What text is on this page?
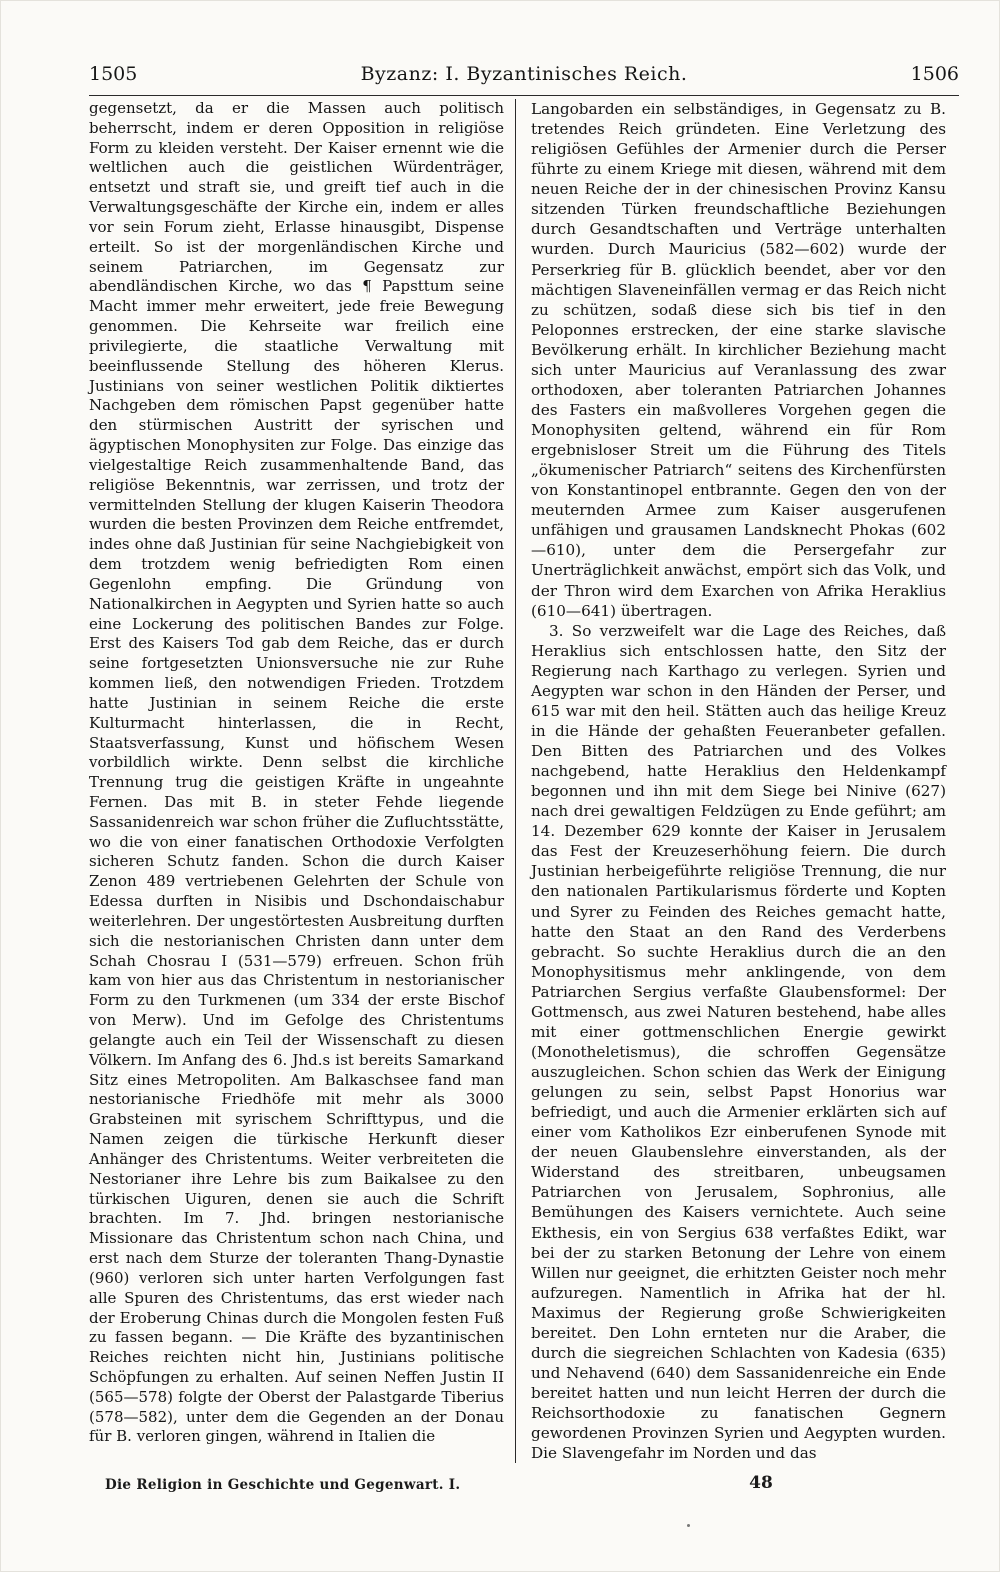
1505	Byzanz: I. Byzantinisches Reich.	1506

gegensetzt, da er die Massen auch politisch beherrscht, indem er deren Opposition in religiöse Form zu kleiden versteht. Der Kaiser ernennt wie die weltlichen auch die geistlichen Würdenträger, entsetzt und straft sie, und greift tief auch in die Verwaltungsgeschäfte der Kirche ein, indem er alles vor sein Forum zieht, Erlasse hinausgibt, Dispense erteilt. So ist der morgenländischen Kirche und seinem Patriarchen, im Gegensatz zur abendländischen Kirche, wo das ¶ Papsttum seine Macht immer mehr erweitert, jede freie Bewegung genommen. Die Kehrseite war freilich eine privilegierte, die staatliche Verwaltung mit beeinflussende Stellung des höheren Klerus. Justinians von seiner westlichen Politik diktiertes Nachgeben dem römischen Papst gegenüber hatte den stürmischen Austritt der syrischen und ägyptischen Monophysiten zur Folge. Das einzige das vielgestaltige Reich zusammenhaltende Band, das religiöse Bekenntnis, war zerrissen, und trotz der vermittelnden Stellung der klugen Kaiserin Theodora wurden die besten Provinzen dem Reiche entfremdet, indes ohne daß Justinian für seine Nachgiebigkeit von dem trotzdem wenig befriedigten Rom einen Gegenlohn empfing. Die Gründung von Nationalkirchen in Aegypten und Syrien hatte so auch eine Lockerung des politischen Bandes zur Folge. Erst des Kaisers Tod gab dem Reiche, das er durch seine fortgesetzten Unionsversuche nie zur Ruhe kommen ließ, den notwendigen Frieden. Trotzdem hatte Justinian in seinem Reiche die erste Kulturmacht hinterlassen, die in Recht, Staatsverfassung, Kunst und höfischem Wesen vorbildlich wirkte. Denn selbst die kirchliche Trennung trug die geistigen Kräfte in ungeahnte Fernen. Das mit B. in steter Fehde liegende Sassanidenreich war schon früher die Zufluchtsstätte, wo die von einer fanatischen Orthodoxie Verfolgten sicheren Schutz fanden. Schon die durch Kaiser Zenon 489 vertriebenen Gelehrten der Schule von Edessa durften in Nisibis und Dschondaischabur weiterlehren. Der ungestörtesten Ausbreitung durften sich die nestorianischen Christen dann unter dem Schah Chosrau I (531—579) erfreuen. Schon früh kam von hier aus das Christentum in nestorianischer Form zu den Turkmenen (um 334 der erste Bischof von Merw). Und im Gefolge des Christentums gelangte auch ein Teil der Wissenschaft zu diesen Völkern. Im Anfang des 6. Jhd.s ist bereits Samarkand Sitz eines Metropoliten. Am Balkaschsee fand man nestorianische Friedhöfe mit mehr als 3000 Grabsteinen mit syrischem Schrifttypus, und die Namen zeigen die türkische Herkunft dieser Anhänger des Christentums. Weiter verbreiteten die Nestorianer ihre Lehre bis zum Baikalsee zu den türkischen Uiguren, denen sie auch die Schrift brachten. Im 7. Jhd. bringen nestorianische Missionare das Christentum schon nach China, und erst nach dem Sturze der toleranten Thang-Dynastie (960) verloren sich unter harten Verfolgungen fast alle Spuren des Christentums, das erst wieder nach der Eroberung Chinas durch die Mongolen festen Fuß zu fassen begann. — Die Kräfte des byzantinischen Reiches reichten nicht hin, Justinians politische Schöpfungen zu erhalten. Auf seinen Neffen Justin II (565—578) folgte der Oberst der Palastgarde Tiberius (578—582), unter dem die Gegenden an der Donau für B. verloren gingen, während in Italien die

Langobarden ein selbständiges, in Gegensatz zu B. tretendes Reich gründeten. Eine Verletzung des religiösen Gefühles der Armenier durch die Perser führte zu einem Kriege mit diesen, während mit dem neuen Reiche der in der chinesischen Provinz Kansu sitzenden Türken freundschaftliche Beziehungen durch Gesandtschaften und Verträge unterhalten wurden. Durch Mauricius (582—602) wurde der Perserkrieg für B. glücklich beendet, aber vor den mächtigen Slaveneinfällen vermag er das Reich nicht zu schützen, sodaß diese sich bis tief in den Peloponnes erstrecken, der eine starke slavische Bevölkerung erhält. In kirchlicher Beziehung macht sich unter Mauricius auf Veranlassung des zwar orthodoxen, aber toleranten Patriarchen Johannes des Fasters ein maßvolleres Vorgehen gegen die Monophysiten geltend, während ein für Rom ergebnisloser Streit um die Führung des Titels „ökumenischer Patriarch“ seitens des Kirchenfürsten von Konstantinopel entbrannte. Gegen den von der meuternden Armee zum Kaiser ausgerufenen unfähigen und grausamen Landsknecht Phokas (602—610), unter dem die Persergefahr zur Unerträglichkeit anwächst, empört sich das Volk, und der Thron wird dem Exarchen von Afrika Heraklius (610—641) übertragen.

3. So verzweifelt war die Lage des Reiches, daß Heraklius sich entschlossen hatte, den Sitz der Regierung nach Karthago zu verlegen. Syrien und Aegypten war schon in den Händen der Perser, und 615 war mit den heil. Stätten auch das heilige Kreuz in die Hände der gehaßten Feueranbeter gefallen. Den Bitten des Patriarchen und des Volkes nachgebend, hatte Heraklius den Heldenkampf begonnen und ihn mit dem Siege bei Ninive (627) nach drei gewaltigen Feldzügen zu Ende geführt; am 14. Dezember 629 konnte der Kaiser in Jerusalem das Fest der Kreuzeserhöhung feiern. Die durch Justinian herbeigeführte religiöse Trennung, die nur den nationalen Partikularismus förderte und Kopten und Syrer zu Feinden des Reiches gemacht hatte, hatte den Staat an den Rand des Verderbens gebracht. So suchte Heraklius durch die an den Monophysitismus mehr anklingende, von dem Patriarchen Sergius verfaßte Glaubensformel: Der Gottmensch, aus zwei Naturen bestehend, habe alles mit einer gottmenschlichen Energie gewirkt (Monotheletismus), die schroffen Gegensätze auszugleichen. Schon schien das Werk der Einigung gelungen zu sein, selbst Papst Honorius war befriedigt, und auch die Armenier erklärten sich auf einer vom Katholikos Ezr einberufenen Synode mit der neuen Glaubenslehre einverstanden, als der Widerstand des streitbaren, unbeugsamen Patriarchen von Jerusalem, Sophronius, alle Bemühungen des Kaisers vernichtete. Auch seine Ekthesis, ein von Sergius 638 verfaßtes Edikt, war bei der zu starken Betonung der Lehre von einem Willen nur geeignet, die erhitzten Geister noch mehr aufzuregen. Namentlich in Afrika hat der hl. Maximus der Regierung große Schwierigkeiten bereitet. Den Lohn ernteten nur die Araber, die durch die siegreichen Schlachten von Kadesia (635) und Nehavend (640) dem Sassanidenreiche ein Ende bereitet hatten und nun leicht Herren der durch die Reichsorthodoxie zu fanatischen Gegnern gewordenen Provinzen Syrien und Aegypten wurden. Die Slavengefahr im Norden und das

Die Religion in Geschichte und Gegenwart. I.	48
